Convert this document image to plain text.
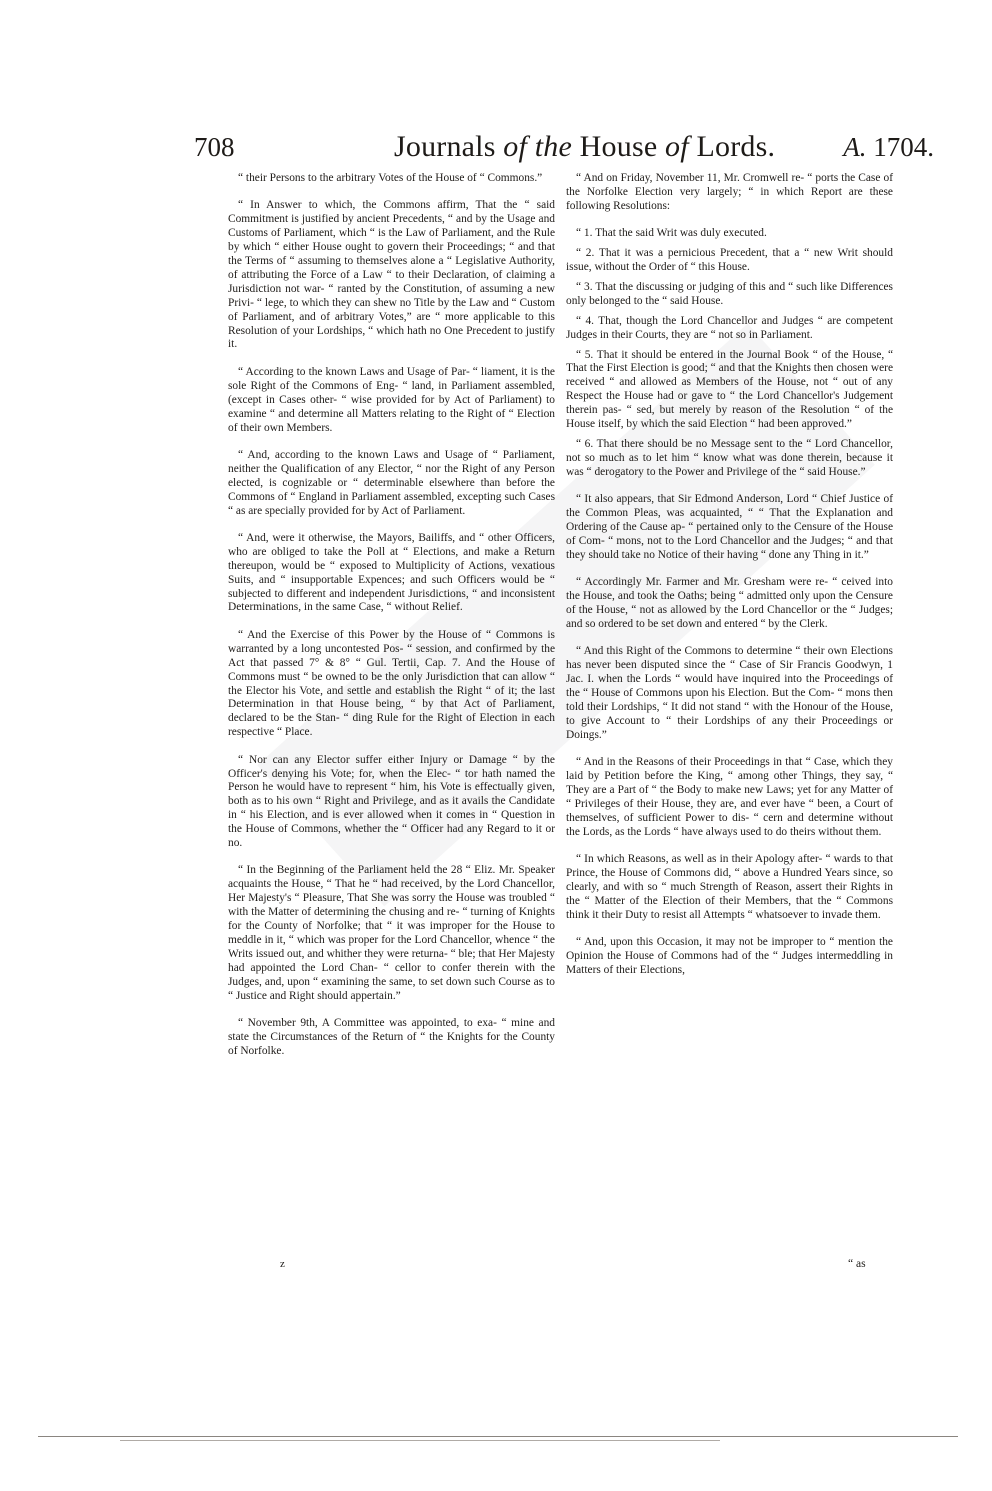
708	Journals of the House of Lords.	A. 1704.

“ their Persons to the arbitrary Votes of the House of “ Commons.”

“ In Answer to which, the Commons affirm, That the “ said Commitment is justified by ancient Precedents, “ and by the Usage and Customs of Parliament, which “ is the Law of Parliament, and the Rule by which “ either House ought to govern their Proceedings; “ and that the Terms of “ assuming to themselves alone a “ Legislative Authority, of attributing the Force of a Law “ to their Declaration, of claiming a Jurisdiction not war- “ ranted by the Constitution, of assuming a new Privi- “ lege, to which they can shew no Title by the Law and “ Custom of Parliament, and of arbitrary Votes,” are “ more applicable to this Resolution of your Lordships, “ which hath no One Precedent to justify it.

“ According to the known Laws and Usage of Par- “ liament, it is the sole Right of the Commons of Eng- “ land, in Parliament assembled, (except in Cases other- “ wise provided for by Act of Parliament) to examine “ and determine all Matters relating to the Right of “ Election of their own Members.

“ And, according to the known Laws and Usage of “ Parliament, neither the Qualification of any Elector, “ nor the Right of any Person elected, is cognizable or “ determinable elsewhere than before the Commons of “ England in Parliament assembled, excepting such Cases “ as are specially provided for by Act of Parliament.

“ And, were it otherwise, the Mayors, Bailiffs, and “ other Officers, who are obliged to take the Poll at “ Elections, and make a Return thereupon, would be “ exposed to Multiplicity of Actions, vexatious Suits, and “ insupportable Expences; and such Officers would be “ subjected to different and independent Jurisdictions, “ and inconsistent Determinations, in the same Case, “ without Relief.

“ And the Exercise of this Power by the House of “ Commons is warranted by a long uncontested Pos- “ session, and confirmed by the Act that passed 7° & 8° “ Gul. Tertii, Cap. 7. And the House of Commons must “ be owned to be the only Jurisdiction that can allow “ the Elector his Vote, and settle and establish the Right “ of it; the last Determination in that House being, “ by that Act of Parliament, declared to be the Stan- “ ding Rule for the Right of Election in each respective “ Place.

“ Nor can any Elector suffer either Injury or Damage “ by the Officer's denying his Vote; for, when the Elec- “ tor hath named the Person he would have to represent “ him, his Vote is effectually given, both as to his own “ Right and Privilege, and as it avails the Candidate in “ his Election, and is ever allowed when it comes in “ Question in the House of Commons, whether the “ Officer had any Regard to it or no.

“ In the Beginning of the Parliament held the 28 “ Eliz. Mr. Speaker acquaints the House, “ That he “ had received, by the Lord Chancellor, Her Majesty's “ Pleasure, That She was sorry the House was troubled “ with the Matter of determining the chusing and re- “ turning of Knights for the County of Norfolke; that “ it was improper for the House to meddle in it, “ which was proper for the Lord Chancellor, whence “ the Writs issued out, and whither they were returna- “ ble; that Her Majesty had appointed the Lord Chan- “ cellor to confer therein with the Judges, and, upon “ examining the same, to set down such Course as to “ Justice and Right should appertain.”

“ November 9th, A Committee was appointed, to exa- “ mine and state the Circumstances of the Return of “ the Knights for the County of Norfolke.

“ And on Friday, November 11, Mr. Cromwell re- “ ports the Case of the Norfolke Election very largely; “ in which Report are these following Resolutions:

“ 1. That the said Writ was duly executed.

“ 2. That it was a pernicious Precedent, that a “ new Writ should issue, without the Order of “ this House.

“ 3. That the discussing or judging of this and “ such like Differences only belonged to the “ said House.

“ 4. That, though the Lord Chancellor and Judges “ are competent Judges in their Courts, they are “ not so in Parliament.

“ 5. That it should be entered in the Journal Book “ of the House, “ That the First Election is good; “ and that the Knights then chosen were received “ and allowed as Members of the House, not “ out of any Respect the House had or gave to “ the Lord Chancellor's Judgement therein pas- “ sed, but merely by reason of the Resolution “ of the House itself, by which the said Election “ had been approved.”

“ 6. That there should be no Message sent to the “ Lord Chancellor, not so much as to let him “ know what was done therein, because it was “ derogatory to the Power and Privilege of the “ said House.”

“ It also appears, that Sir Edmond Anderson, Lord “ Chief Justice of the Common Pleas, was acquainted, “ “ That the Explanation and Ordering of the Cause ap- “ pertained only to the Censure of the House of Com- “ mons, not to the Lord Chancellor and the Judges; “ and that they should take no Notice of their having “ done any Thing in it.”

“ Accordingly Mr. Farmer and Mr. Gresham were re- “ ceived into the House, and took the Oaths; being “ admitted only upon the Censure of the House, “ not as allowed by the Lord Chancellor or the “ Judges; and so ordered to be set down and entered “ by the Clerk.

“ And this Right of the Commons to determine “ their own Elections has never been disputed since the “ Case of Sir Francis Goodwyn, 1 Jac. I. when the Lords “ would have inquired into the Proceedings of the “ House of Commons upon his Election. But the Com- “ mons then told their Lordships, “ It did not stand “ with the Honour of the House, to give Account to “ their Lordships of any their Proceedings or Doings.”

“ And in the Reasons of their Proceedings in that “ Case, which they laid by Petition before the King, “ among other Things, they say, “ They are a Part of “ the Body to make new Laws; yet for any Matter of “ Privileges of their House, they are, and ever have “ been, a Court of themselves, of sufficient Power to dis- “ cern and determine without the Lords, as the Lords “ have always used to do theirs without them.

“ In which Reasons, as well as in their Apology after- “ wards to that Prince, the House of Commons did, “ above a Hundred Years since, so clearly, and with so “ much Strength of Reason, assert their Rights in the “ Matter of the Election of their Members, that the “ Commons think it their Duty to resist all Attempts “ whatsoever to invade them.

“ And, upon this Occasion, it may not be improper to “ mention the Opinion the House of Commons had of the “ Judges intermeddling in Matters of their Elections,

z	“ as
